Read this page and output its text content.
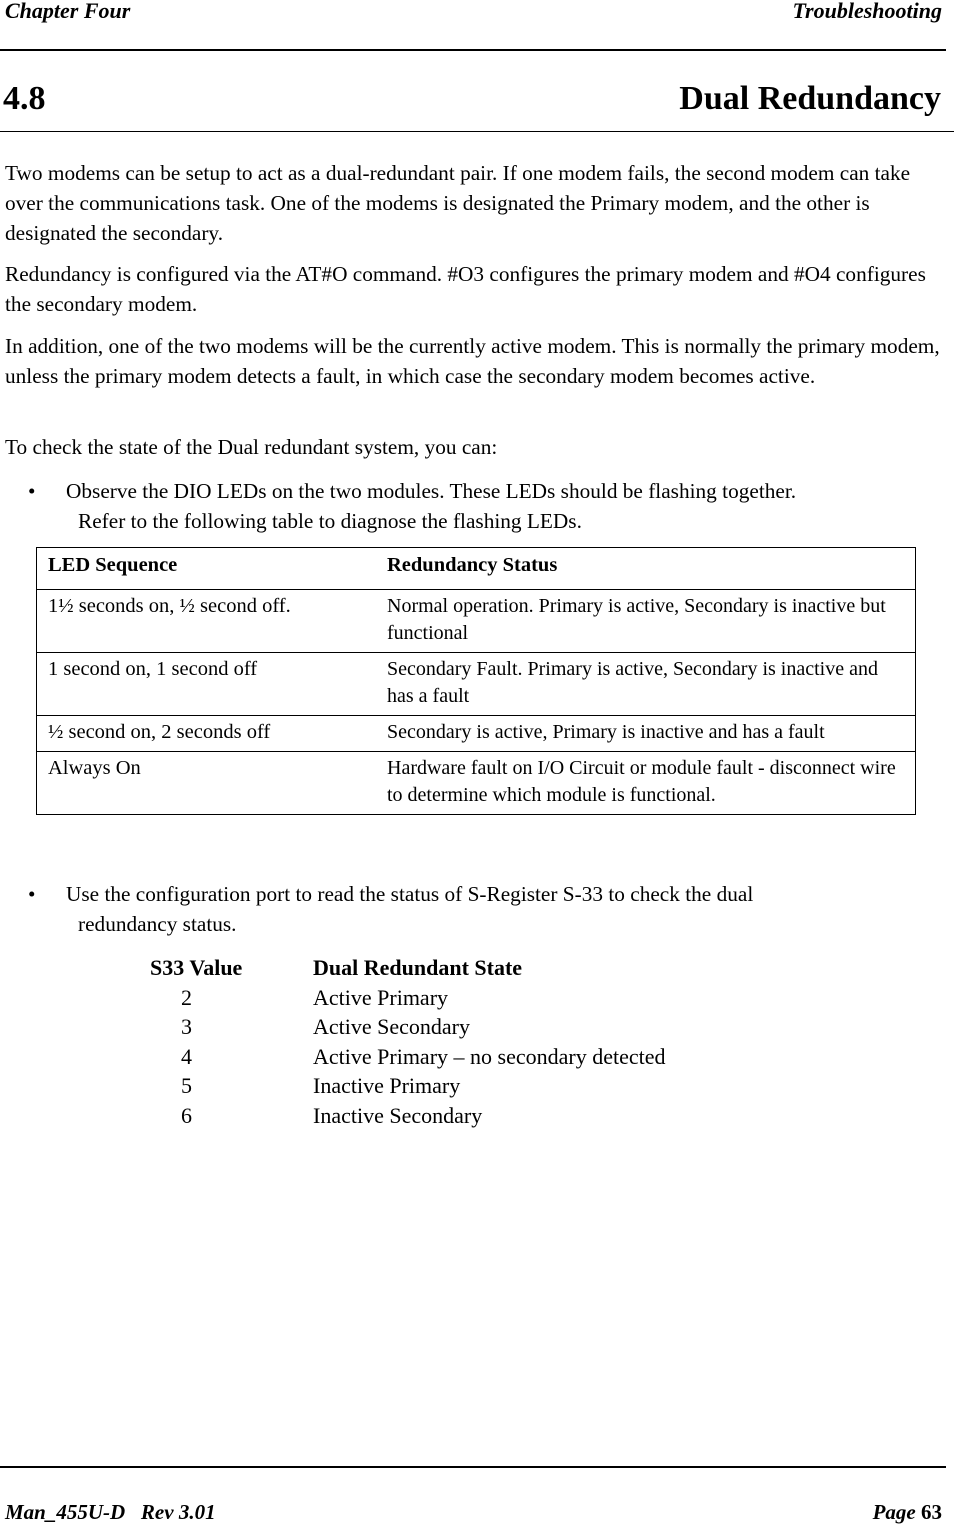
Chapter Four	Troubleshooting
4.8	Dual Redundancy

Two modems can be setup to act as a dual-redundant pair. If one modem fails, the second modem can take over the communications task. One of the modems is designated the Primary modem, and the other is designated the secondary.

Redundancy is configured via the AT#O command. #O3 configures the primary modem and #O4 configures the secondary modem.

In addition, one of the two modems will be the currently active modem. This is normally the primary modem, unless the primary modem detects a fault, in which case the secondary modem becomes active.

To check the state of the Dual redundant system, you can:

•	Observe the DIO LEDs on the two modules. These LEDs should be flashing together.
Refer to the following table to diagnose the flashing LEDs.
LED Sequence	Redundancy Status
1½ seconds on, ½ second off.	Normal operation. Primary is active, Secondary is inactive but functional
1 second on, 1 second off	Secondary Fault. Primary is active, Secondary is inactive and has a fault
½ second on, 2 seconds off	Secondary is active, Primary is inactive and has a fault
Always On	Hardware fault on I/O Circuit or module fault - disconnect wire to determine which module is functional.
•	Use the configuration port to read the status of S-Register S-33 to check the dual
redundancy status.
S33 Value	Dual Redundant State
2	Active Primary
3	Active Secondary
4	Active Primary – no secondary detected
5	Inactive Primary
6	Inactive Secondary
Man_455U-D   Rev 3.01	Page 63
